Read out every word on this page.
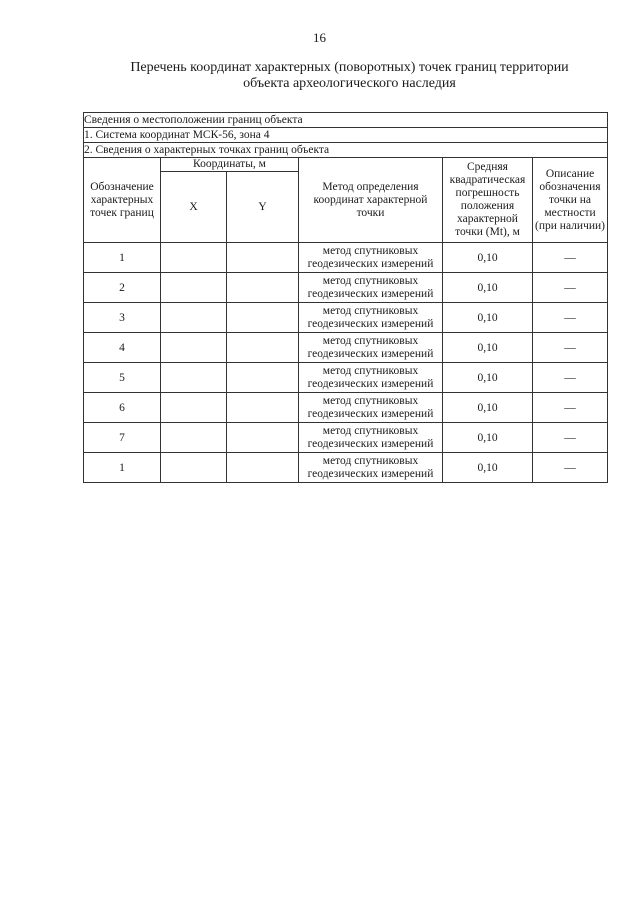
16
Перечень координат характерных (поворотных) точек границ территории
объекта археологического наследия
Сведения о местоположении границ объекта					
1. Система координат МСК-56, зона 4					
2. Сведения о характерных точках границ объекта					
Обозначение характерных точек границ	Координаты, м		Метод определения координат характерной точки	Средняя квадратическая погрешность положения характерной точки (Mt), м	Описание обозначения точки на местности (при наличии)
	X	Y			
1			метод спутниковых
геодезических измерений	0,10	—
2			метод спутниковых
геодезических измерений	0,10	—
3			метод спутниковых
геодезических измерений	0,10	—
4			метод спутниковых
геодезических измерений	0,10	—
5			метод спутниковых
геодезических измерений	0,10	—
6			метод спутниковых
геодезических измерений	0,10	—
7			метод спутниковых
геодезических измерений	0,10	—
1			метод спутниковых
геодезических измерений	0,10	—
